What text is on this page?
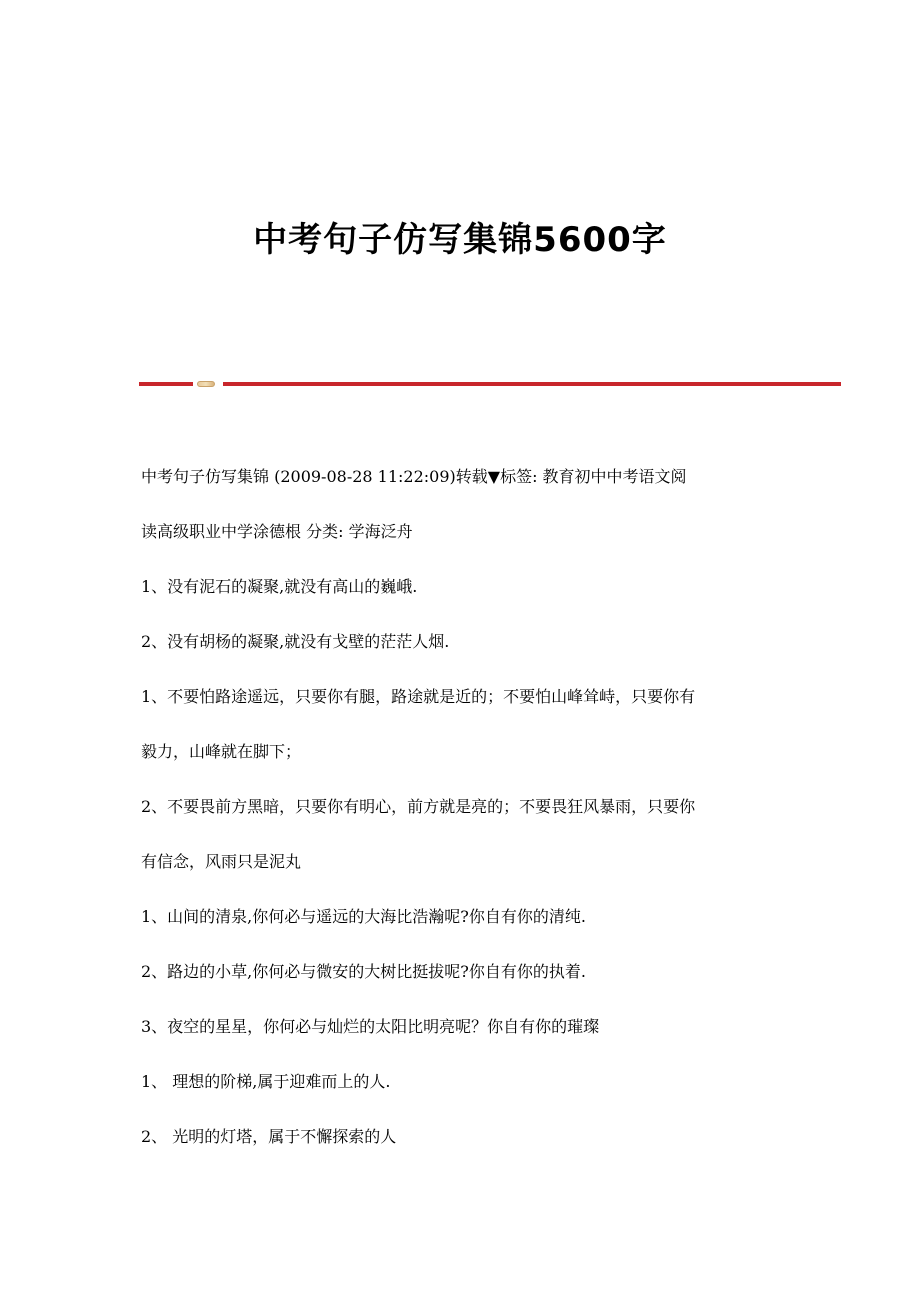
中考句子仿写集锦5600字
中考句子仿写集锦 (2009-08-28 11:22:09)转载▼标签: 教育初中中考语文阅
读高级职业中学涂德根 分类: 学海泛舟
1、没有泥石的凝聚,就没有高山的巍峨.
2、没有胡杨的凝聚,就没有戈壁的茫茫人烟.
1、不要怕路途遥远，只要你有腿，路途就是近的；不要怕山峰耸峙，只要你有
毅力，山峰就在脚下；
2、不要畏前方黑暗，只要你有明心，前方就是亮的；不要畏狂风暴雨，只要你
有信念，风雨只是泥丸
1、山间的清泉,你何必与遥远的大海比浩瀚呢?你自有你的清纯.
2、路边的小草,你何必与微安的大树比挺拔呢?你自有你的执着.
3、夜空的星星，你何必与灿烂的太阳比明亮呢？你自有你的璀璨
1、 理想的阶梯,属于迎难而上的人.
2、 光明的灯塔，属于不懈探索的人
